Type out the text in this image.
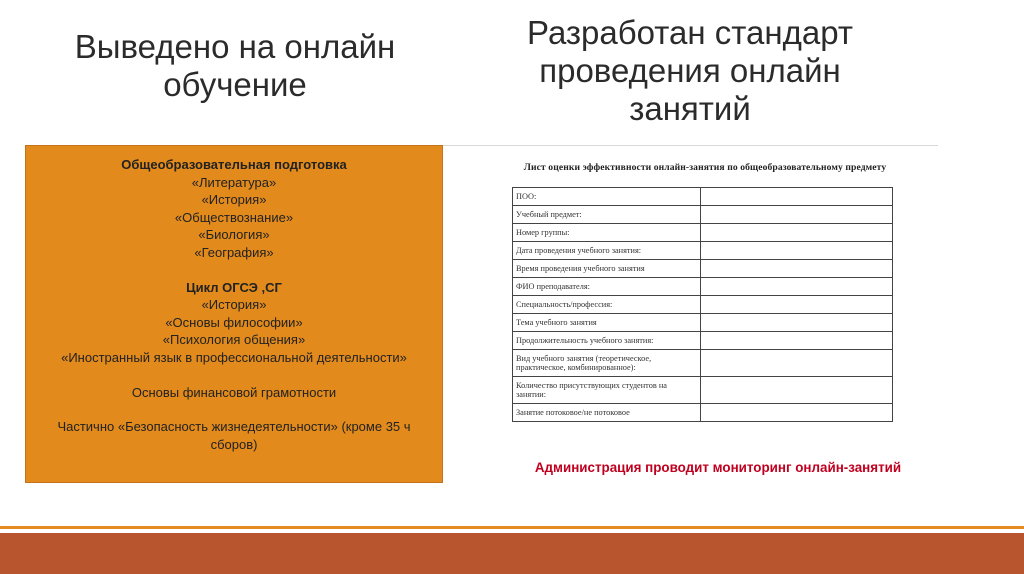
Выведено на онлайн
обучение
Разработан стандарт
проведения онлайн
занятий
Общеобразовательная подготовка
«Литература»
«История»
«Обществознание»
«Биология»
«География»
Цикл ОГСЭ ,СГ
«История»
«Основы философии»
«Психология общения»
«Иностранный язык в профессиональной деятельности»
Основы финансовой грамотности
Частично «Безопасность жизнедеятельности» (кроме 35 ч
сборов)
Лист оценки эффективности онлайн-занятия по общеобразовательному предмету
ПОО:	
Учебный предмет:	
Номер группы:	
Дата проведения учебного занятия:	
Время проведения учебного занятия	
ФИО преподавателя:	
Специальность/профессия:	
Тема учебного занятия	
Продолжительность учебного занятия:	

Вид учебного занятия (теоретическое,
практическое, комбинированное):	

Количество присутствующих студентов на
занятии:	

Занятие потоковое/не потоковое	
Администрация проводит мониторинг онлайн-занятий
